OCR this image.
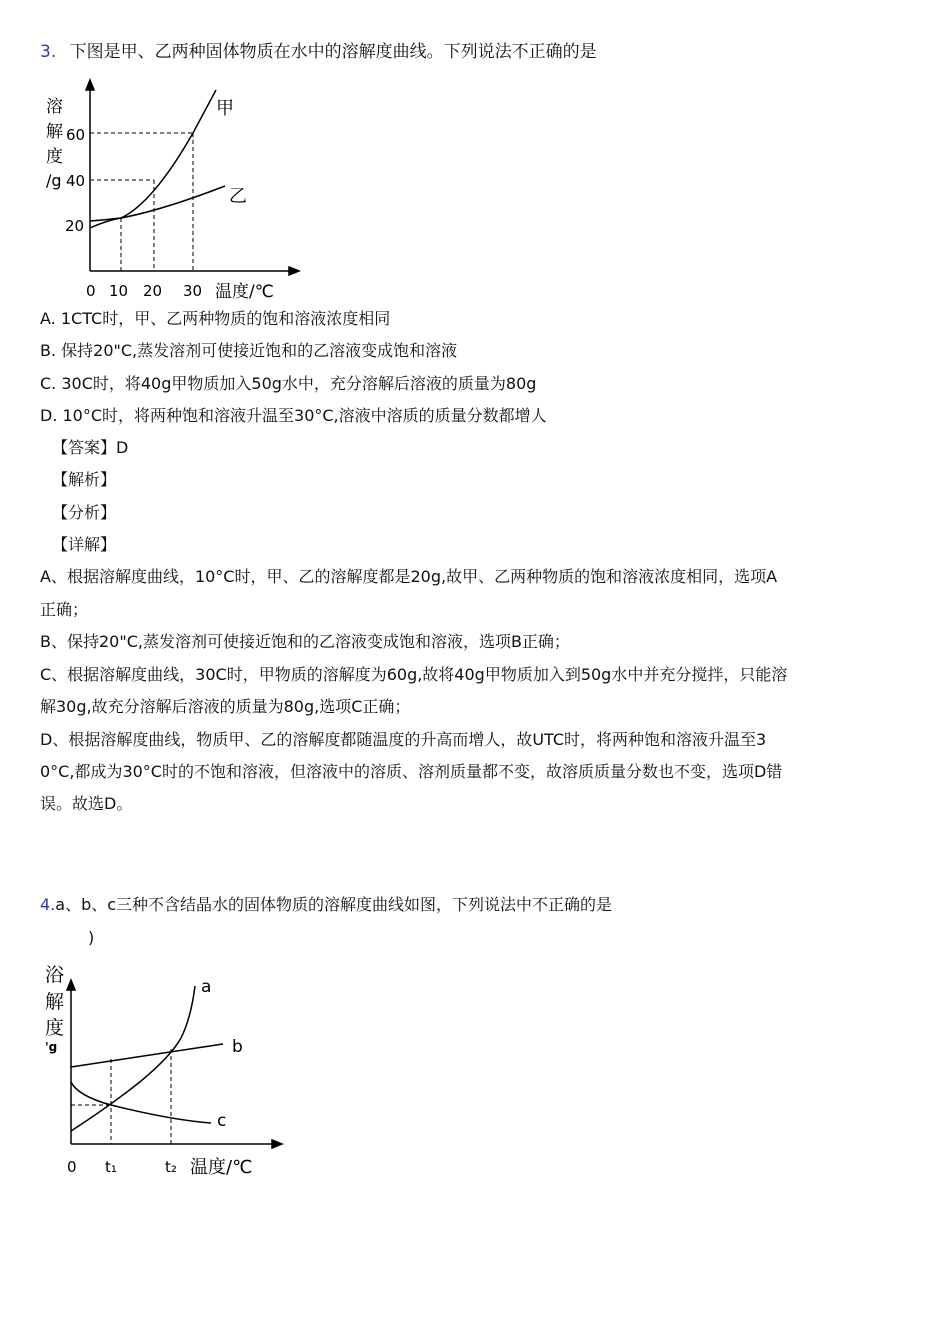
3. 下图是甲、乙两种固体物质在水中的溶解度曲线。下列说法不正确的是
溶
解
度
/g
60
40
20
0 10 20 30 温度/℃
甲
乙
A. 1CTC时，甲、乙两种物质的饱和溶液浓度相同
B. 保持20"C,蒸发溶剂可使接近饱和的乙溶液变成饱和溶液
C. 30C时，将40g甲物质加入50g水中，充分溶解后溶液的质量为80g
D. 10°C时，将两种饱和溶液升温至30°C,溶液中溶质的质量分数都增人
【答案】D
【解析】
【分析】
【详解】
A、根据溶解度曲线，10°C时，甲、乙的溶解度都是20g,故甲、乙两种物质的饱和溶液浓度相同，选项A
正确；
B、保持20"C,蒸发溶剂可使接近饱和的乙溶液变成饱和溶液，选项B正确；
C、根据溶解度曲线，30C时，甲物质的溶解度为60g,故将40g甲物质加入到50g水中并充分搅拌，只能溶
解30g,故充分溶解后溶液的质量为80g,选项C正确；
D、根据溶解度曲线，物质甲、乙的溶解度都随温度的升高而增人，故UTC时，将两种饱和溶液升温至3
0°C,都成为30°C时的不饱和溶液，但溶液中的溶质、溶剂质量都不变，故溶质质量分数也不变，选项D错
误。故选D。
4.a、b、c三种不含结晶水的固体物质的溶解度曲线如图，下列说法中不正确的是
)
浴
解
度
'g
0 t₁	t₂ 温度/℃
a
b
c
